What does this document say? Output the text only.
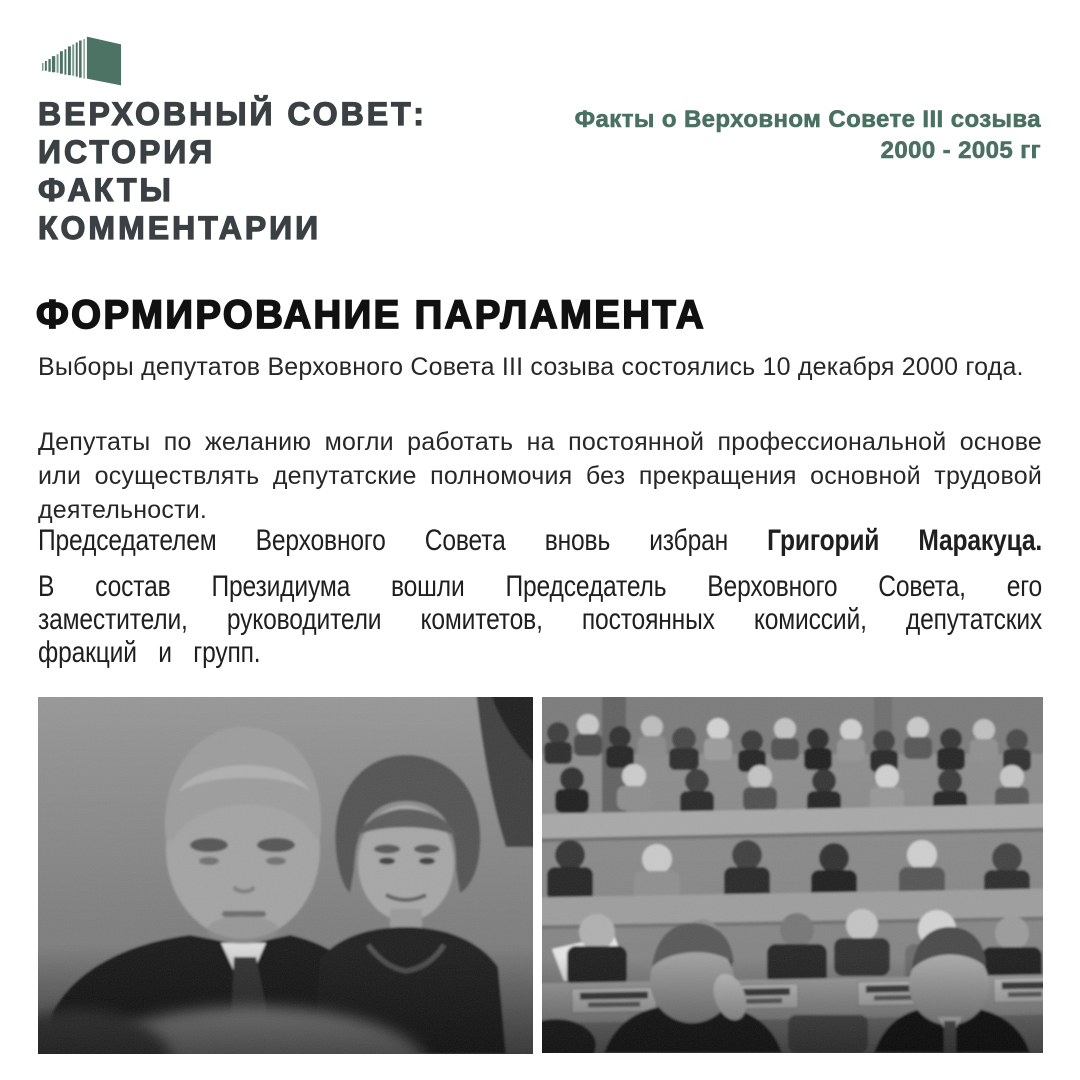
ВЕРХОВНЫЙ СОВЕТ:
ИСТОРИЯ
ФАКТЫ
КОММЕНТАРИИ
Факты о Верховном Совете III созыва
2000 - 2005 гг
ФОРМИРОВАНИЕ ПАРЛАМЕНТА

Выборы депутатов Верховного Совета III созыва состоялись 10 декабря 2000 года.

Депутаты по желанию могли работать на постоянной профессиональной основе или осуществлять депутатские полномочия без прекращения основной трудовой деятельности.

Председателем Верховного Совета вновь избран Григорий Маракуца.

В состав Президиума вошли Председатель Верховного Совета, его заместители, руководители комитетов, постоянных комиссий, депутатских фракций и групп.
